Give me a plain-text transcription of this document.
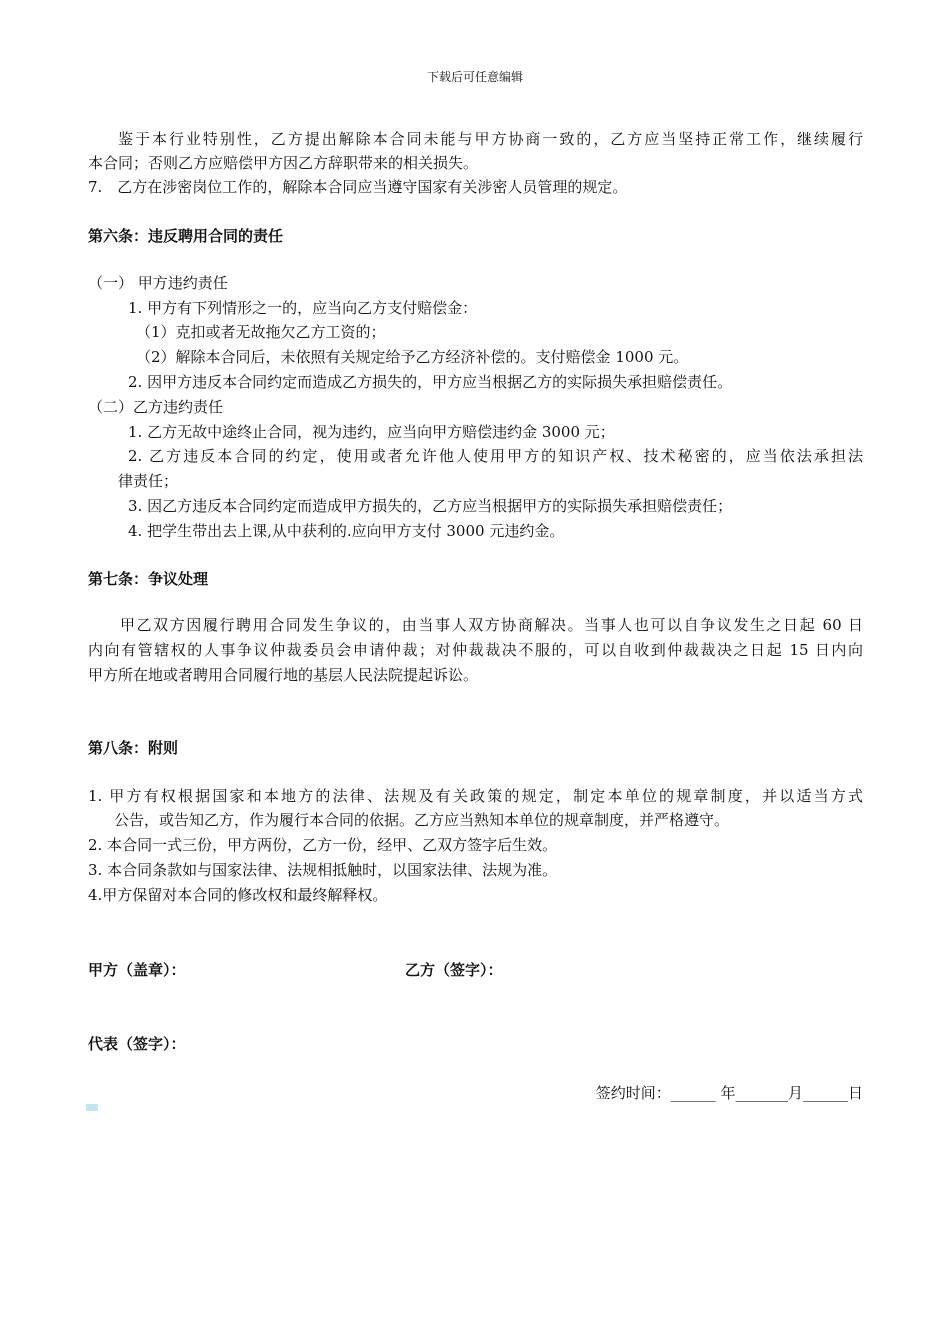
下载后可任意编辑
鉴于本行业特别性，乙方提出解除本合同未能与甲方协商一致的，乙方应当坚持正常工作，继续履行
本合同；否则乙方应赔偿甲方因乙方辞职带来的相关损失。
7.　乙方在涉密岗位工作的，解除本合同应当遵守国家有关涉密人员管理的规定。
第六条：违反聘用合同的责任
（一） 甲方违约责任
1. 甲方有下列情形之一的，应当向乙方支付赔偿金：
（1）克扣或者无故拖欠乙方工资的；
（2）解除本合同后，未依照有关规定给予乙方经济补偿的。支付赔偿金 1000 元。
2. 因甲方违反本合同约定而造成乙方损失的，甲方应当根据乙方的实际损失承担赔偿责任。
（二）乙方违约责任
1. 乙方无故中途终止合同，视为违约，应当向甲方赔偿违约金 3000 元；
2. 乙方违反本合同的约定，使用或者允许他人使用甲方的知识产权、技术秘密的，应当依法承担法
律责任；
3. 因乙方违反本合同约定而造成甲方损失的，乙方应当根据甲方的实际损失承担赔偿责任；
4. 把学生带出去上课,从中获利的.应向甲方支付 3000 元违约金。
第七条：争议处理
甲乙双方因履行聘用合同发生争议的，由当事人双方协商解决。当事人也可以自争议发生之日起 60 日
内向有管辖权的人事争议仲裁委员会申请仲裁；对仲裁裁决不服的，可以自收到仲裁裁决之日起 15 日内向
甲方所在地或者聘用合同履行地的基层人民法院提起诉讼。
第八条：附则
1. 甲方有权根据国家和本地方的法律、法规及有关政策的规定，制定本单位的规章制度，并以适当方式
公告，或告知乙方，作为履行本合同的依据。乙方应当熟知本单位的规章制度，并严格遵守。
2. 本合同一式三份，甲方两份，乙方一份，经甲、乙双方签字后生效。
3. 本合同条款如与国家法律、法规相抵触时，以国家法律、法规为准。
4.甲方保留对本合同的修改权和最终解释权。
甲方（盖章）：	乙方（签字）：
代表（签字）：
签约时间：______ 年_______月______日
